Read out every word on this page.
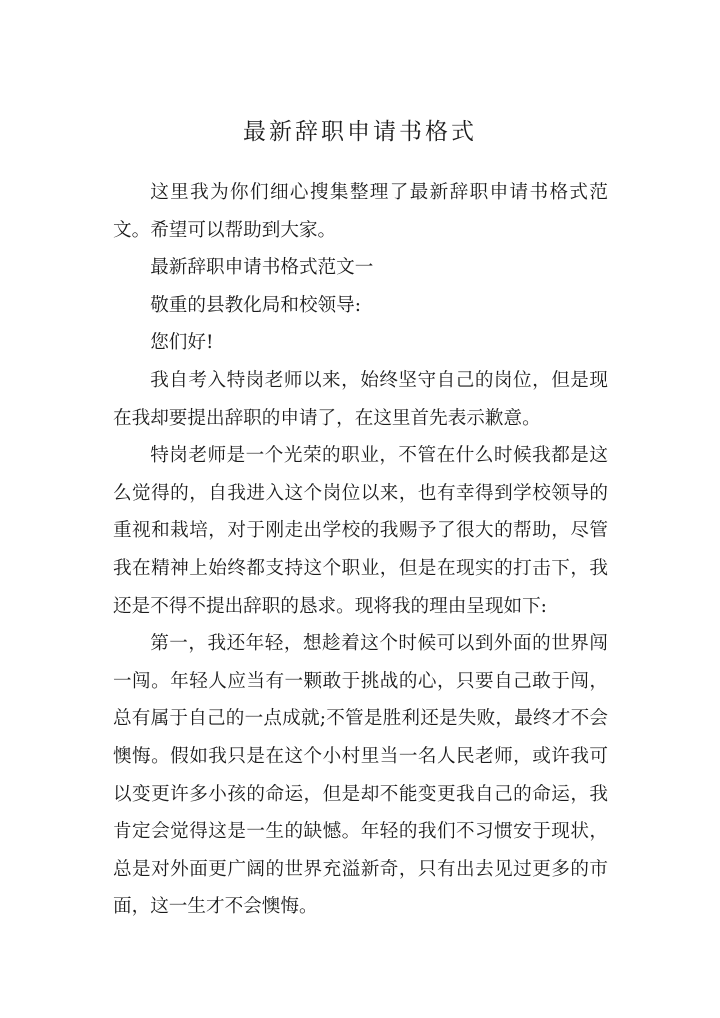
最新辞职申请书格式

这里我为你们细心搜集整理了最新辞职申请书格式范文。希望可以帮助到大家。

最新辞职申请书格式范文一

敬重的县教化局和校领导:

您们好!

我自考入特岗老师以来，始终坚守自己的岗位，但是现在我却要提出辞职的申请了，在这里首先表示歉意。

特岗老师是一个光荣的职业，不管在什么时候我都是这么觉得的，自我进入这个岗位以来，也有幸得到学校领导的重视和栽培，对于刚走出学校的我赐予了很大的帮助，尽管我在精神上始终都支持这个职业，但是在现实的打击下，我还是不得不提出辞职的恳求。现将我的理由呈现如下:

第一，我还年轻，想趁着这个时候可以到外面的世界闯一闯。年轻人应当有一颗敢于挑战的心，只要自己敢于闯，总有属于自己的一点成就;不管是胜利还是失败，最终才不会懊悔。假如我只是在这个小村里当一名人民老师，或许我可以变更许多小孩的命运，但是却不能变更我自己的命运，我肯定会觉得这是一生的缺憾。年轻的我们不习惯安于现状，总是对外面更广阔的世界充溢新奇，只有出去见过更多的市面，这一生才不会懊悔。
